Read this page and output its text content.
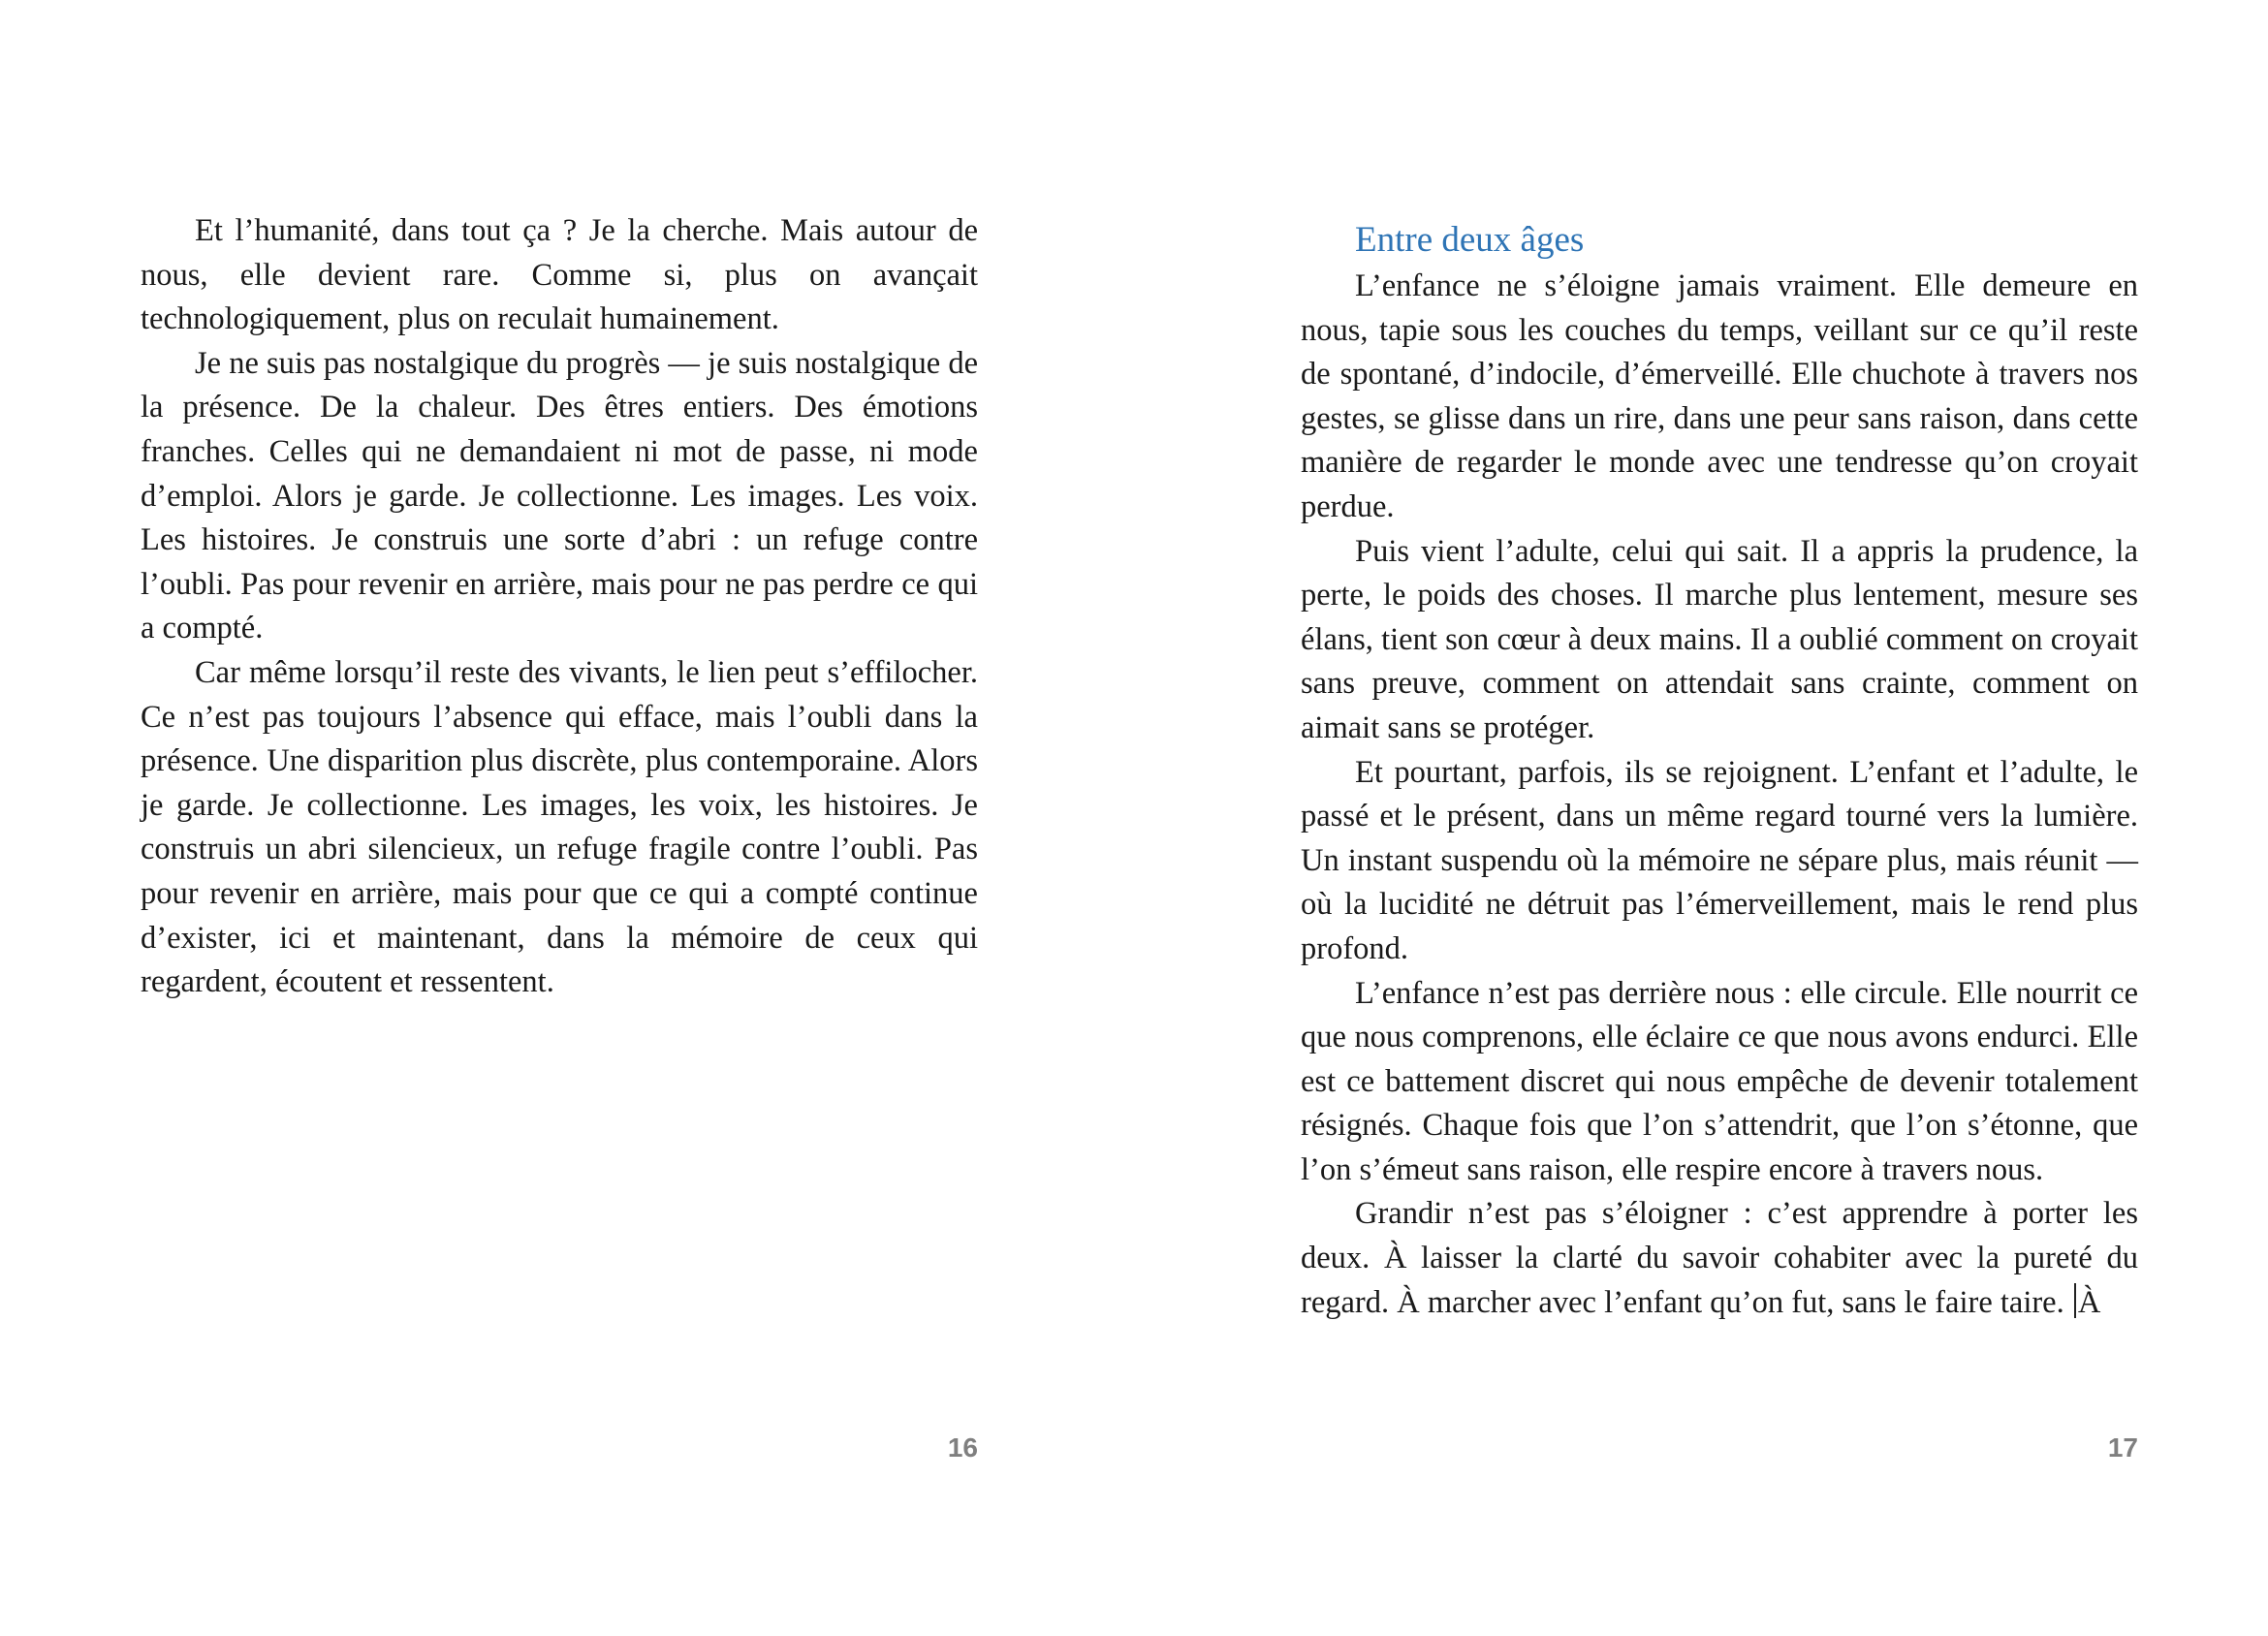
Et l’humanité, dans tout ça ? Je la cherche. Mais autour de nous, elle devient rare. Comme si, plus on avançait technologiquement, plus on reculait humainement.

Je ne suis pas nostalgique du progrès — je suis nostalgique de la présence. De la chaleur. Des êtres entiers. Des émotions franches. Celles qui ne demandaient ni mot de passe, ni mode d’emploi. Alors je garde. Je collectionne. Les images. Les voix. Les histoires. Je construis une sorte d’abri : un refuge contre l’oubli. Pas pour revenir en arrière, mais pour ne pas perdre ce qui a compté.

Car même lorsqu’il reste des vivants, le lien peut s’effilocher. Ce n’est pas toujours l’absence qui efface, mais l’oubli dans la présence. Une disparition plus discrète, plus contemporaine. Alors je garde. Je collectionne. Les images, les voix, les histoires. Je construis un abri silencieux, un refuge fragile contre l’oubli. Pas pour revenir en arrière, mais pour que ce qui a compté continue d’exister, ici et maintenant, dans la mémoire de ceux qui regardent, écoutent et ressentent.

16
Entre deux âges

L’enfance ne s’éloigne jamais vraiment. Elle demeure en nous, tapie sous les couches du temps, veillant sur ce qu’il reste de spontané, d’indocile, d’émerveillé. Elle chuchote à travers nos gestes, se glisse dans un rire, dans une peur sans raison, dans cette manière de regarder le monde avec une tendresse qu’on croyait perdue.

Puis vient l’adulte, celui qui sait. Il a appris la prudence, la perte, le poids des choses. Il marche plus lentement, mesure ses élans, tient son cœur à deux mains. Il a oublié comment on croyait sans preuve, comment on attendait sans crainte, comment on aimait sans se protéger.

Et pourtant, parfois, ils se rejoignent. L’enfant et l’adulte, le passé et le présent, dans un même regard tourné vers la lumière. Un instant suspendu où la mémoire ne sépare plus, mais réunit — où la lucidité ne détruit pas l’émerveillement, mais le rend plus profond.

L’enfance n’est pas derrière nous : elle circule. Elle nourrit ce que nous comprenons, elle éclaire ce que nous avons endurci. Elle est ce battement discret qui nous empêche de devenir totalement résignés. Chaque fois que l’on s’attendrit, que l’on s’étonne, que l’on s’émeut sans raison, elle respire encore à travers nous.

Grandir n’est pas s’éloigner : c’est apprendre à porter les deux. À laisser la clarté du savoir cohabiter avec la pureté du regard. À marcher avec l’enfant qu’on fut, sans le faire taire. À

17
